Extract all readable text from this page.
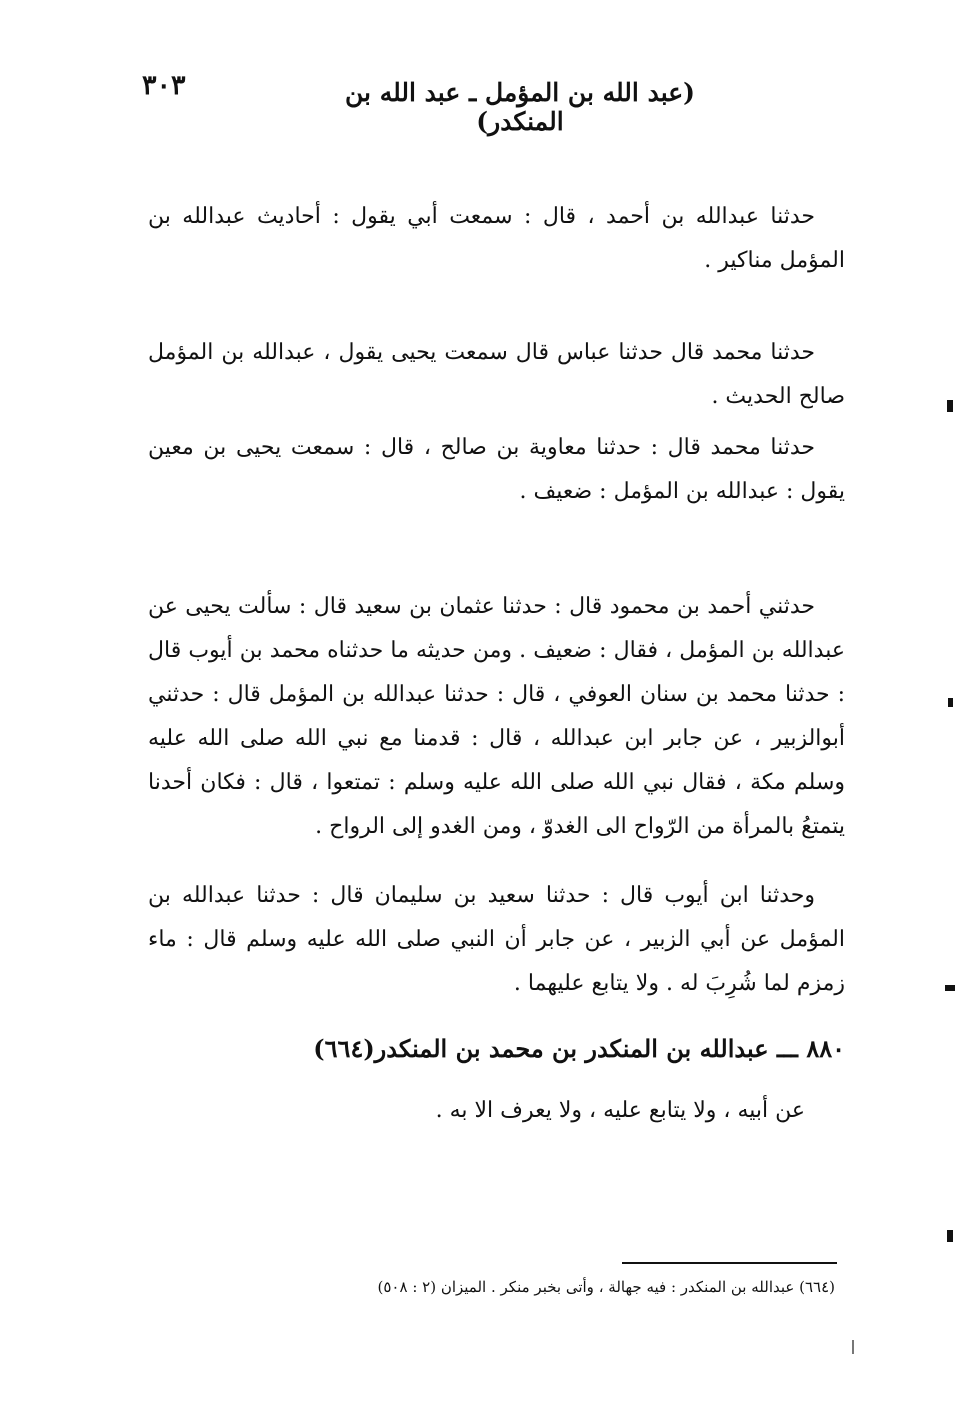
٣٠٣	(عبد الله بن المؤمل ـ عبد الله بن المنكدر)

حدثنا عبدالله بن أحمد ، قال : سمعت أبي يقول : أحاديث عبدالله بن المؤمل مناكير .

حدثنا محمد قال حدثنا عباس قال سمعت يحيى يقول ، عبدالله بن المؤمل صالح الحديث .

حدثنا محمد قال : حدثنا معاوية بن صالح ، قال : سمعت يحيى بن معين يقول : عبدالله بن المؤمل : ضعيف .

حدثني أحمد بن محمود قال : حدثنا عثمان بن سعيد قال : سألت يحيى عن عبدالله بن المؤمل ، فقال : ضعيف . ومن حديثه ما حدثناه محمد بن أيوب قال : حدثنا محمد بن سنان العوفي ، قال : حدثنا عبدالله بن المؤمل قال : حدثني أبوالزبير ، عن جابر ابن عبدالله ، قال : قدمنا مع نبي الله صلى الله عليه وسلم مكة ، فقال نبي الله صلى الله عليه وسلم : تمتعوا ، قال : فكان أحدنا يتمتعُ بالمرأة من الرّواح الى الغدوّ ، ومن الغدو إلى الرواح .

وحدثنا ابن أيوب قال : حدثنا سعيد بن سليمان قال : حدثنا عبدالله بن المؤمل عن أبي الزبير ، عن جابر أن النبي صلى الله عليه وسلم قال : ماء زمزم لما شُرِبَ له . ولا يتابع عليهما .

٨٨٠ ـــ عبدالله بن المنكدر بن محمد بن المنكدر(٦٦٤)
عن أبيه ، ولا يتابع عليه ، ولا يعرف الا به .
(٦٦٤) عبدالله بن المنكدر : فيه جهالة ، وأتى بخبر منكر . الميزان (٢ : ٥٠٨)
